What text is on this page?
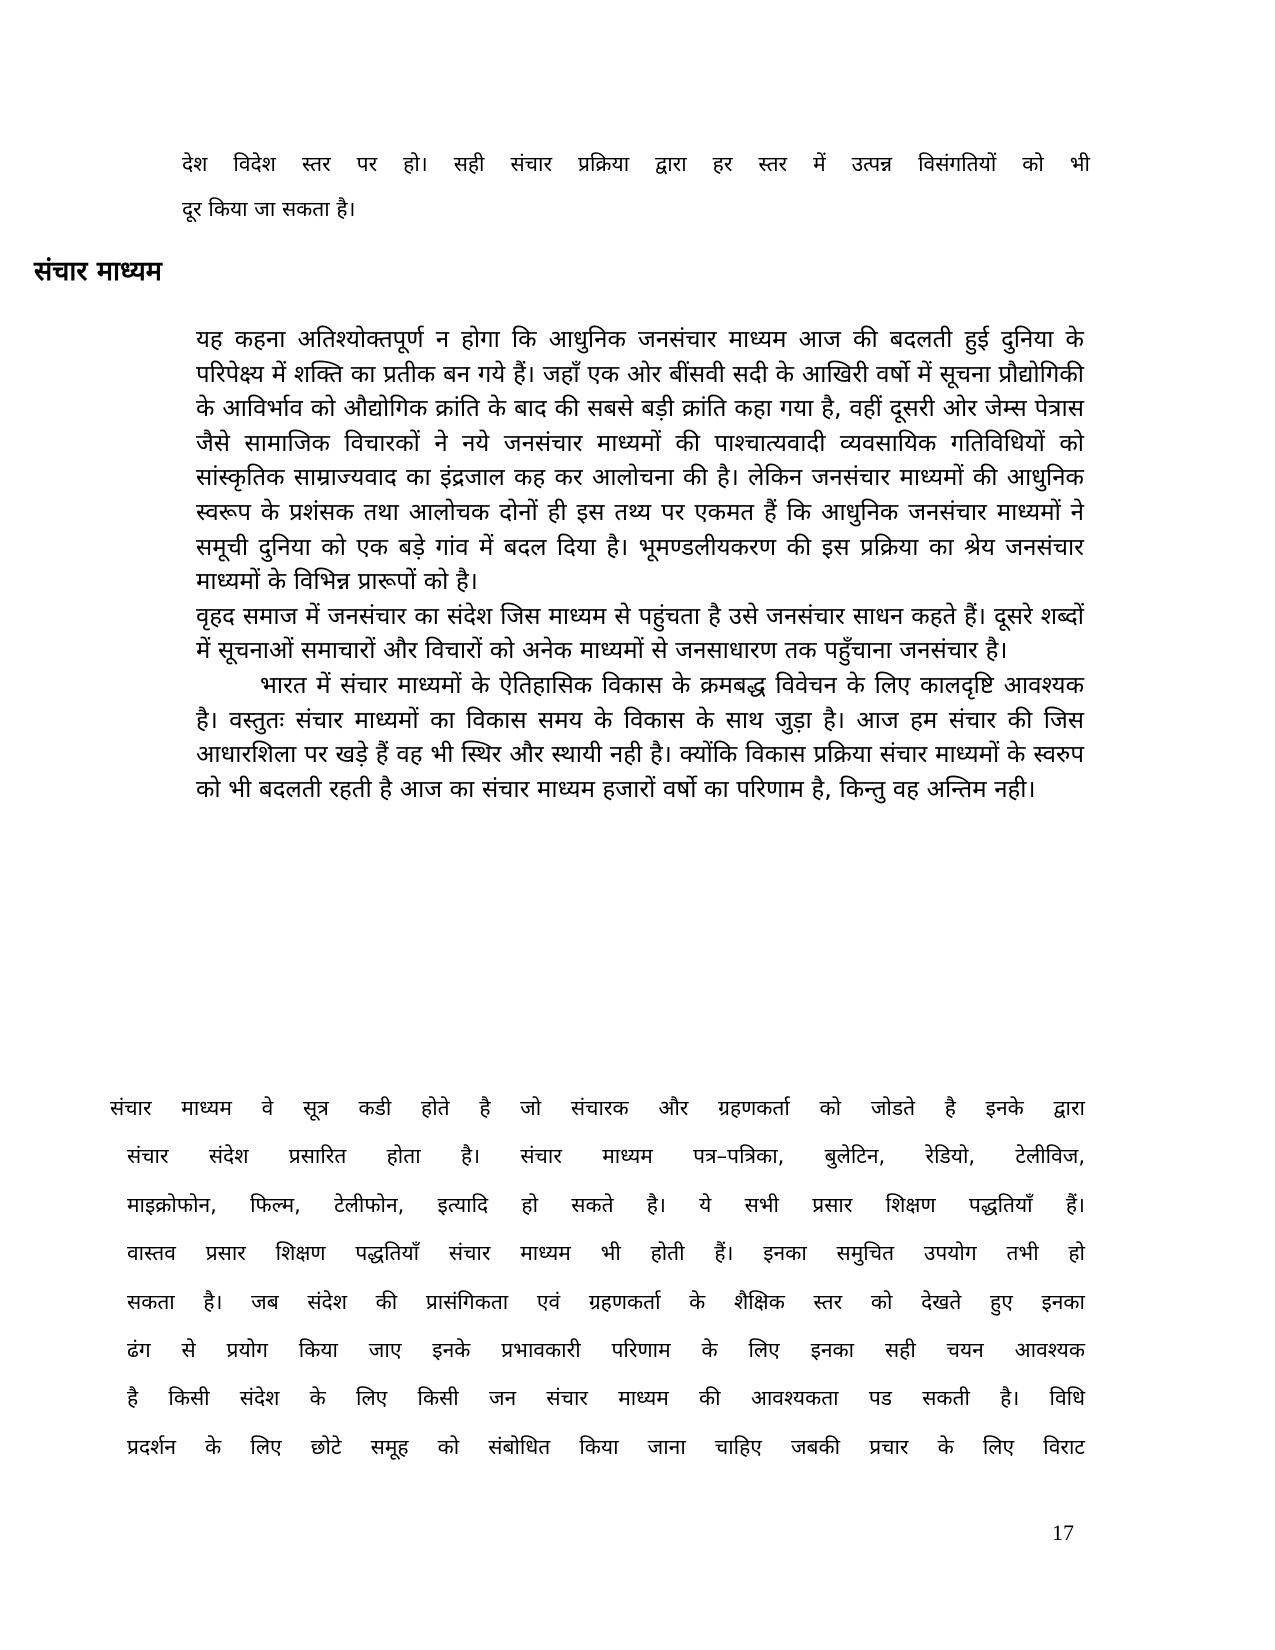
देश विदेश स्तर पर हो। सही संचार प्रक्रिया द्वारा हर स्तर में उत्पन्न विसंगतियों को भी
दूर किया जा सकता है।
संचार माध्यम

यह कहना अतिश्योक्तपूर्ण न होगा कि आधुनिक जनसंचार माध्यम आज की बदलती हुई दुनिया के परिपेक्ष्य में शक्ति का प्रतीक बन गये हैं। जहाँ एक ओर बींसवी सदी के आखिरी वर्षो में सूचना प्रौद्योगिकी के आविर्भाव को औद्योगिक क्रांति के बाद की सबसे बड़ी क्रांति कहा गया है, वहीं दूसरी ओर जेम्स पेत्रास जैसे सामाजिक विचारकों ने नये जनसंचार माध्यमों की पाश्चात्यवादी व्यवसायिक गतिविधियों को सांस्कृतिक साम्राज्यवाद का इंद्रजाल कह कर आलोचना की है। लेकिन जनसंचार माध्यमों की आधुनिक स्वरूप के प्रशंसक तथा आलोचक दोनों ही इस तथ्य पर एकमत हैं कि आधुनिक जनसंचार माध्यमों ने समूची दुनिया को एक बड़े गांव में बदल दिया है। भूमण्डलीयकरण की इस प्रक्रिया का श्रेय जनसंचार माध्यमों के विभिन्न प्रारूपों को है।

वृहद समाज में जनसंचार का संदेश जिस माध्यम से पहुंचता है उसे जनसंचार साधन कहते हैं। दूसरे शब्दों में सूचनाओं समाचारों और विचारों को अनेक माध्यमों से जनसाधारण तक पहुँचाना जनसंचार है।

भारत में संचार माध्यमों के ऐतिहासिक विकास के क्रमबद्ध विवेचन के लिए कालदृष्टि आवश्यक है। वस्तुतः संचार माध्यमों का विकास समय के विकास के साथ जुड़ा है। आज हम संचार की जिस आधारशिला पर खड़े हैं वह भी स्थिर और स्थायी नही है। क्योंकि विकास प्रक्रिया संचार माध्यमों के स्वरुप को भी बदलती रहती है आज का संचार माध्यम हजारों वर्षो का परिणाम है, किन्तु वह अन्तिम नही।

संचार माध्यम वे सूत्र कडी होते है जो संचारक और ग्रहणकर्ता को जोडते है इनके द्वारा
संचार संदेश प्रसारित होता है। संचार माध्यम पत्र–पत्रिका, बुलेटिन, रेडियो, टेलीविज,
माइक्रोफोन, फिल्म, टेलीफोन, इत्यादि हो सकते है। ये सभी प्रसार शिक्षण पद्धतियाँ हैं।
वास्तव प्रसार शिक्षण पद्धतियाँ संचार माध्यम भी होती हैं। इनका समुचित उपयोग तभी हो
सकता है। जब संदेश की प्रासंगिकता एवं ग्रहणकर्ता के शैक्षिक स्तर को देखते हुए इनका
ढंग से प्रयोग किया जाए इनके प्रभावकारी परिणाम के लिए इनका सही चयन आवश्यक
है किसी संदेश के लिए किसी जन संचार माध्यम की आवश्यकता पड सकती है। विधि
प्रदर्शन के लिए छोटे समूह को संबोधित किया जाना चाहिए जबकी प्रचार के लिए विराट
17
